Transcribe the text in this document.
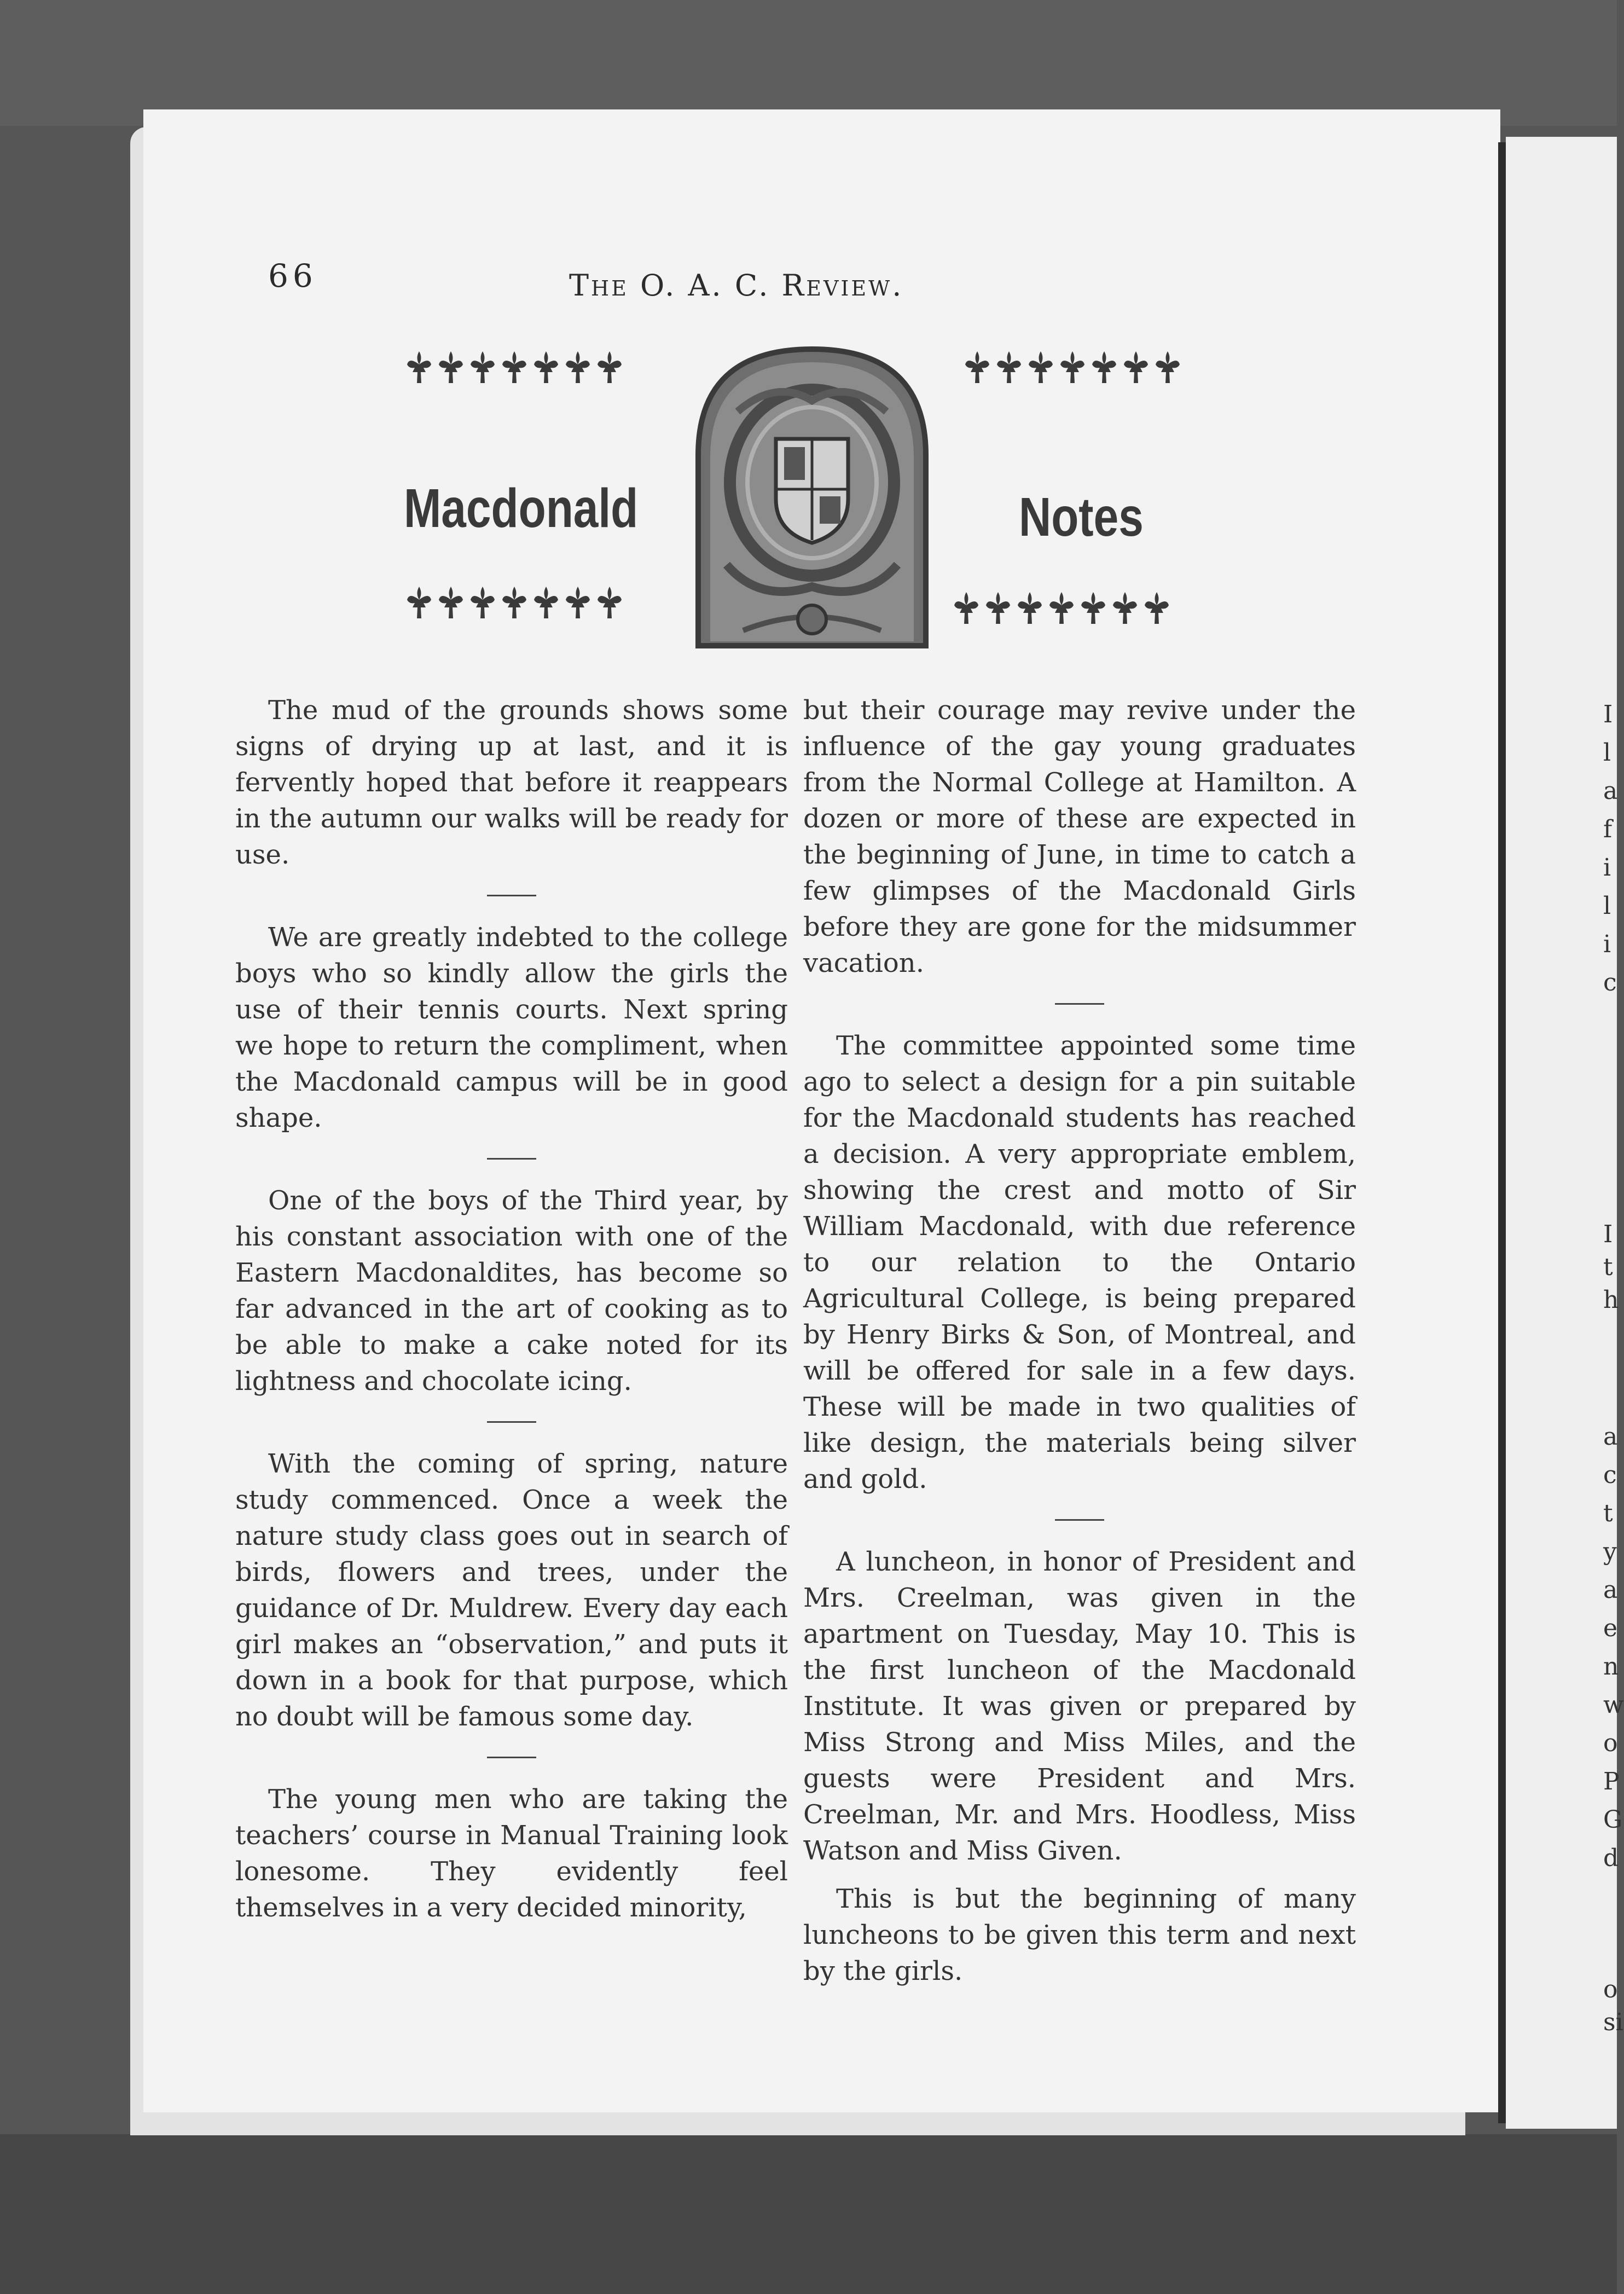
I
l
a
f
i
l
i
c
I
t
h
a
c
t
y
a
e
n
w
o
P
G
d
o
si
66	The O. A. C. Review.
Macdonald	Notes

The mud of the grounds shows some signs of drying up at last, and it is fervently hoped that before it reappears in the autumn our walks will be ready for use.

We are greatly indebted to the college boys who so kindly allow the girls the use of their tennis courts. Next spring we hope to return the compliment, when the Macdonald campus will be in good shape.

One of the boys of the Third year, by his constant association with one of the Eastern Macdonaldites, has become so far advanced in the art of cooking as to be able to make a cake noted for its lightness and chocolate icing.

With the coming of spring, nature study commenced. Once a week the nature study class goes out in search of birds, flowers and trees, under the guidance of Dr. Muldrew. Every day each girl makes an “observation,” and puts it down in a book for that purpose, which no doubt will be famous some day.

The young men who are taking the teachers’ course in Manual Training look lonesome. They evidently feel themselves in a very decided minority,

but their courage may revive under the influence of the gay young graduates from the Normal College at Hamilton. A dozen or more of these are expected in the beginning of June, in time to catch a few glimpses of the Macdonald Girls before they are gone for the midsummer vacation.

The committee appointed some time ago to select a design for a pin suitable for the Macdonald students has reached a decision. A very appropriate emblem, showing the crest and motto of Sir William Macdonald, with due reference to our relation to the Ontario Agricultural College, is being prepared by Henry Birks & Son, of Montreal, and will be offered for sale in a few days. These will be made in two qualities of like design, the materials being silver and gold.

A luncheon, in honor of President and Mrs. Creelman, was given in the apartment on Tuesday, May 10. This is the first luncheon of the Macdonald Institute. It was given or prepared by Miss Strong and Miss Miles, and the guests were President and Mrs. Creelman, Mr. and Mrs. Hoodless, Miss Watson and Miss Given.

This is but the beginning of many luncheons to be given this term and next by the girls.
